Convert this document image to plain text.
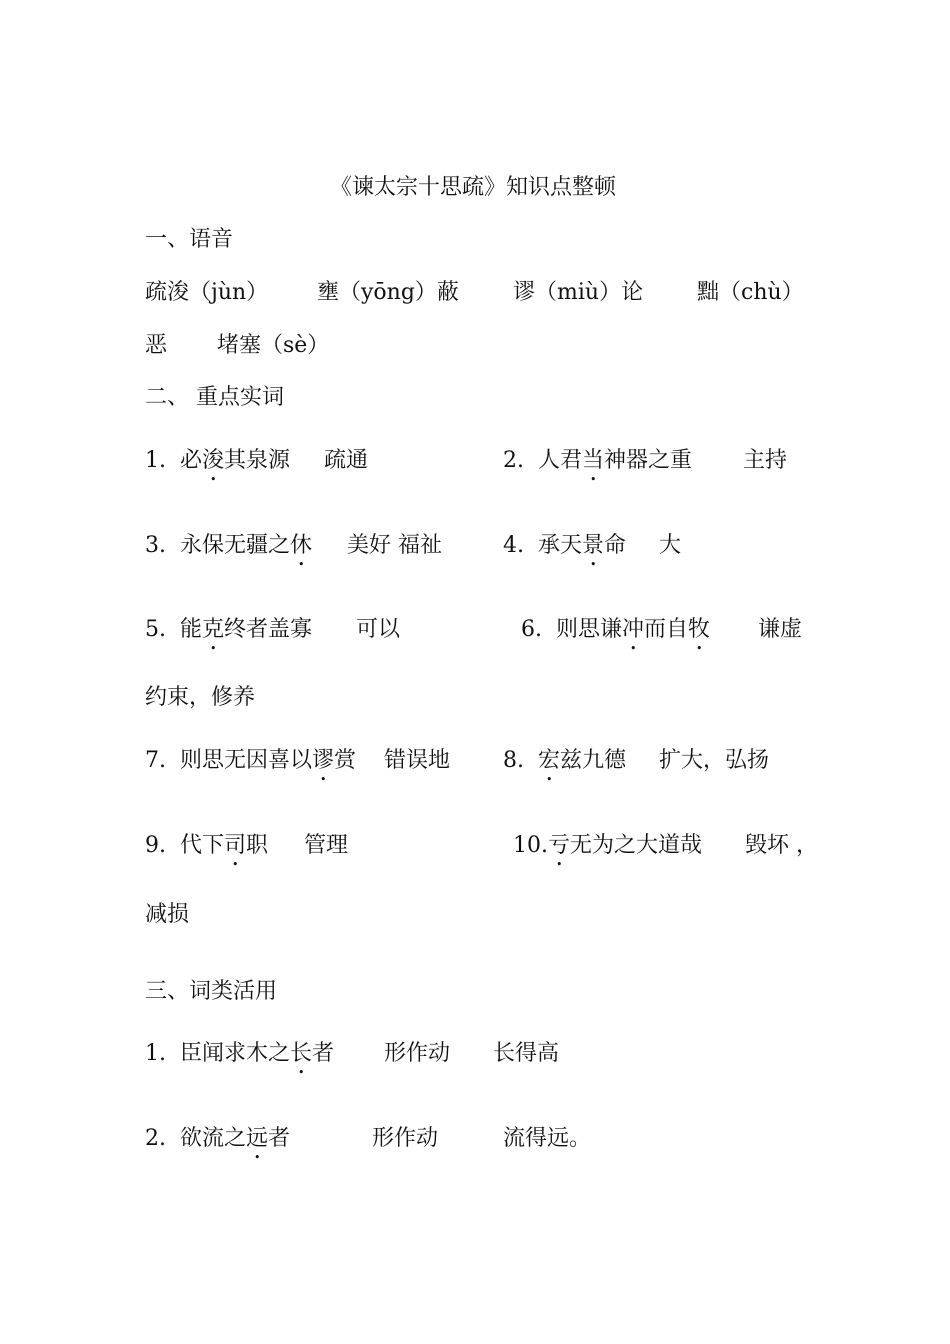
《谏太宗十思疏》知识点整顿
一、语音
疏浚（jùn） 壅（yōng）蔽 谬（miù）论 黜（chù）
恶 堵塞（sè）
二、 重点实词
1. 必浚其泉源 疏通	2. 人君当神器之重 主持
3. 永保无疆之休 美好 福祉	4. 承天景命 大
5. 能克终者盖寡 可以	6. 则思谦冲而自牧 谦虚
约束，修养
7. 则思无因喜以谬赏 错误地 8. 宏兹九德 扩大，弘扬
9. 代下司职 管理	10.亏无为之大道哉 毁坏 ，
减损
三、词类活用
1. 臣闻求木之长者 形作动 长得高
2. 欲流之远者	形作动	流得远。
